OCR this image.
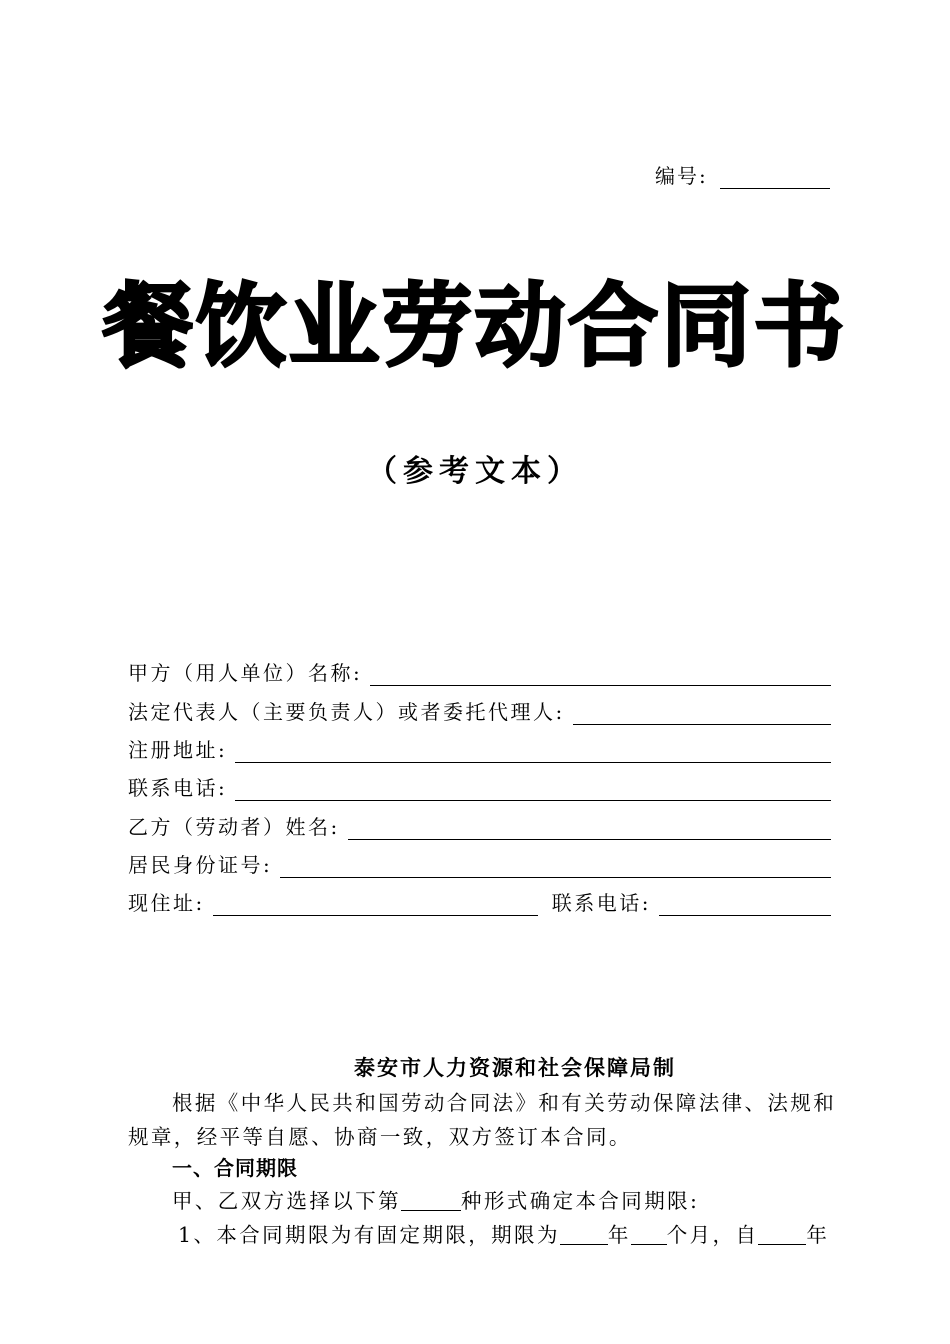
编号:
餐饮业劳动合同书
（参考文本）
甲方（用人单位）名称:
法定代表人（主要负责人）或者委托代理人:
注册地址:
联系电话:
乙方（劳动者）姓名:
居民身份证号:
现住址:	联系电话:
泰安市人力资源和社会保障局制
根据《中华人民共和国劳动合同法》和有关劳动保障法律、法规和规章，经平等自愿、协商一致，双方签订本合同。
一、合同期限
甲、乙双方选择以下第	种形式确定本合同期限:
1、本合同期限为有固定期限，期限为 年 个月，自 年
